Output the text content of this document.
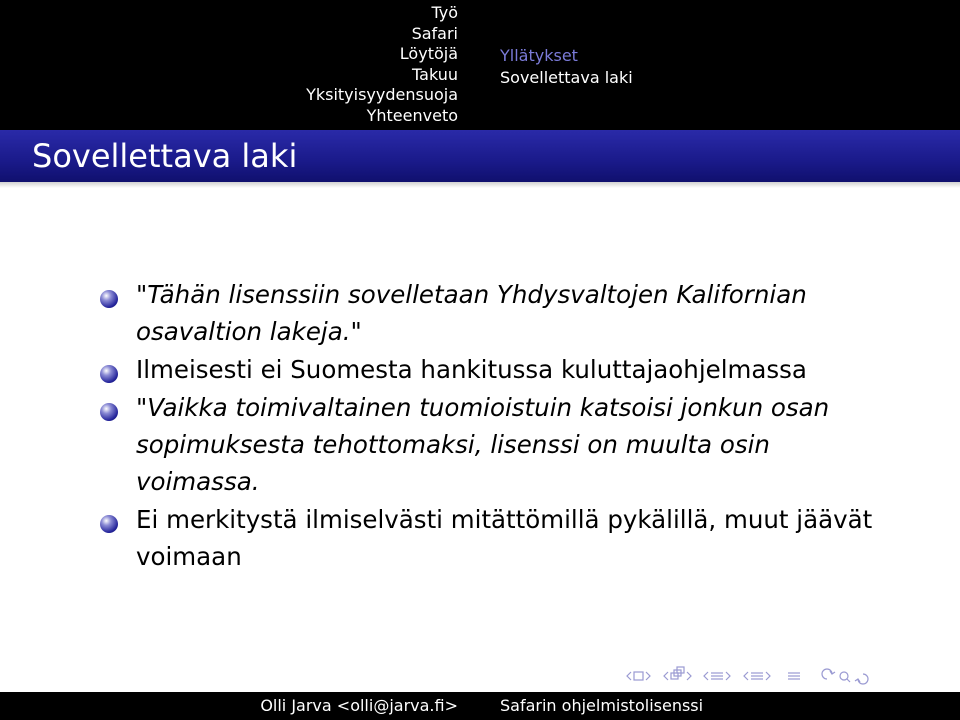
Työ
Safari
Löytöjä
Takuu
Yksityisyydensuoja
Yhteenveto
Yllätykset
Sovellettava laki
Sovellettava laki
"Tähän lisenssiin sovelletaan Yhdysvaltojen Kalifornian osavaltion lakeja."
Ilmeisesti ei Suomesta hankitussa kuluttajaohjelmassa
"Vaikka toimivaltainen tuomioistuin katsoisi jonkun osan sopimuksesta tehottomaksi, lisenssi on muulta osin voimassa.
Ei merkitystä ilmiselvästi mitättömillä pykälillä, muut jäävät voimaan
Olli Jarva <olli@jarva.fi>	Safarin ohjelmistolisenssi
